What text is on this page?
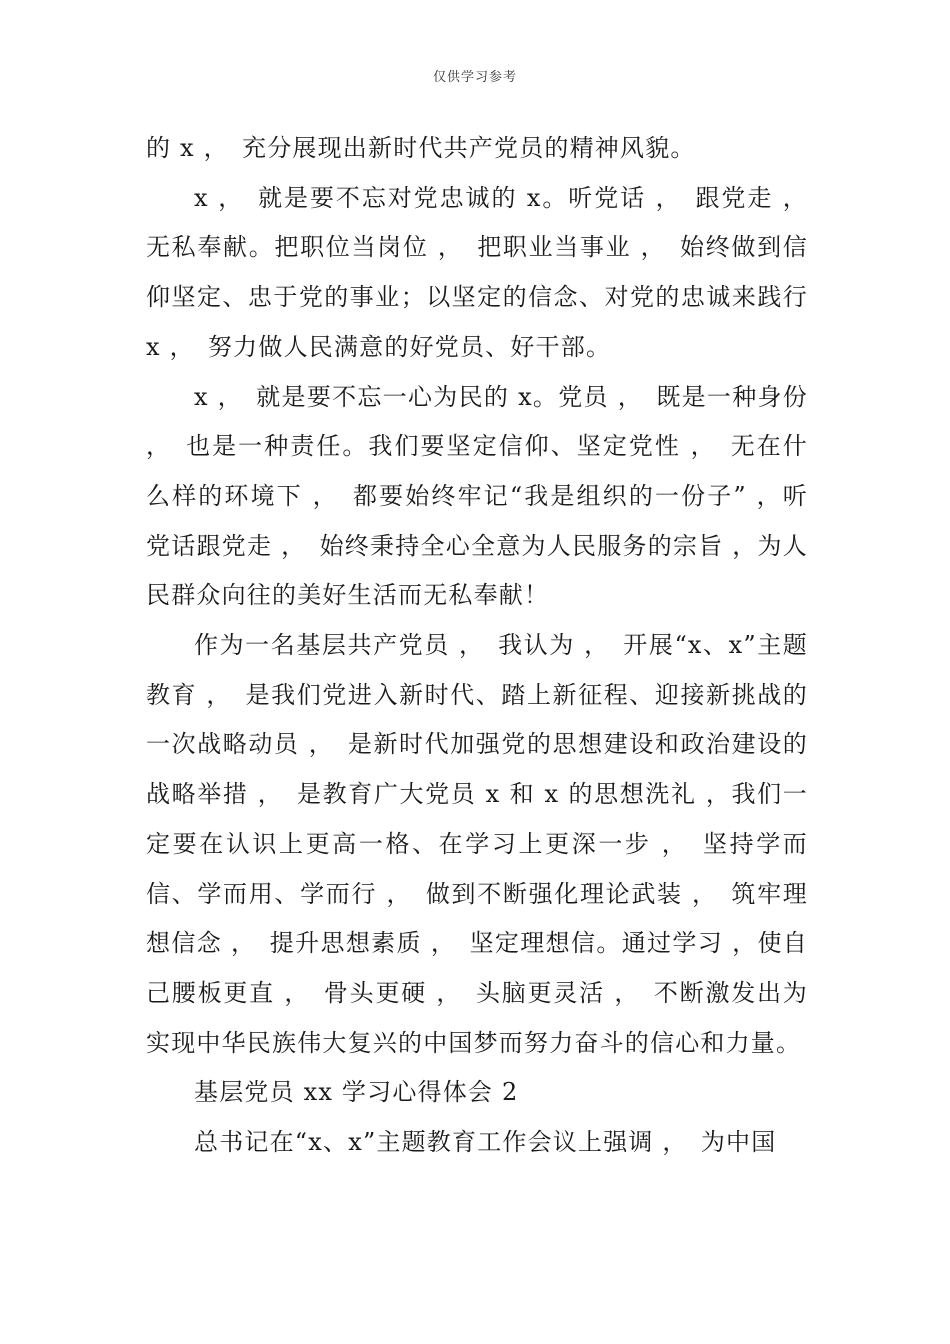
仅供学习参考

的 x ，　充分展现出新时代共产党员的精神风貌。

x ，　就是要不忘对党忠诚的 x。听党话 ，　跟党走 ，无私奉献。把职位当岗位 ，　把职业当事业 ，　始终做到信仰坚定、忠于党的事业；以坚定的信念、对党的忠诚来践行 x ，　努力做人民满意的好党员、好干部。

x ，　就是要不忘一心为民的 x。党员 ，　既是一种身份 ，　也是一种责任。我们要坚定信仰、坚定党性 ，　无在什么样的环境下 ，　都要始终牢记“我是组织的一份子” ，听党话跟党走 ，　始终秉持全心全意为人民服务的宗旨 ，为人民群众向往的美好生活而无私奉献！

作为一名基层共产党员 ，　我认为 ，　开展“x、x”主题教育 ，　是我们党进入新时代、踏上新征程、迎接新挑战的一次战略动员 ，　是新时代加强党的思想建设和政治建设的战略举措 ，　是教育广大党员 x 和 x 的思想洗礼 ，我们一定要在认识上更高一格、在学习上更深一步 ，　坚持学而信、学而用、学而行 ，　做到不断强化理论武装 ，　筑牢理想信念 ，　提升思想素质 ，　坚定理想信。通过学习 ，使自己腰板更直 ，　骨头更硬 ，　头脑更灵活 ，　不断激发出为实现中华民族伟大复兴的中国梦而努力奋斗的信心和力量。

基层党员 xx 学习心得体会 2

总书记在“x、x”主题教育工作会议上强调 ，　为中国
